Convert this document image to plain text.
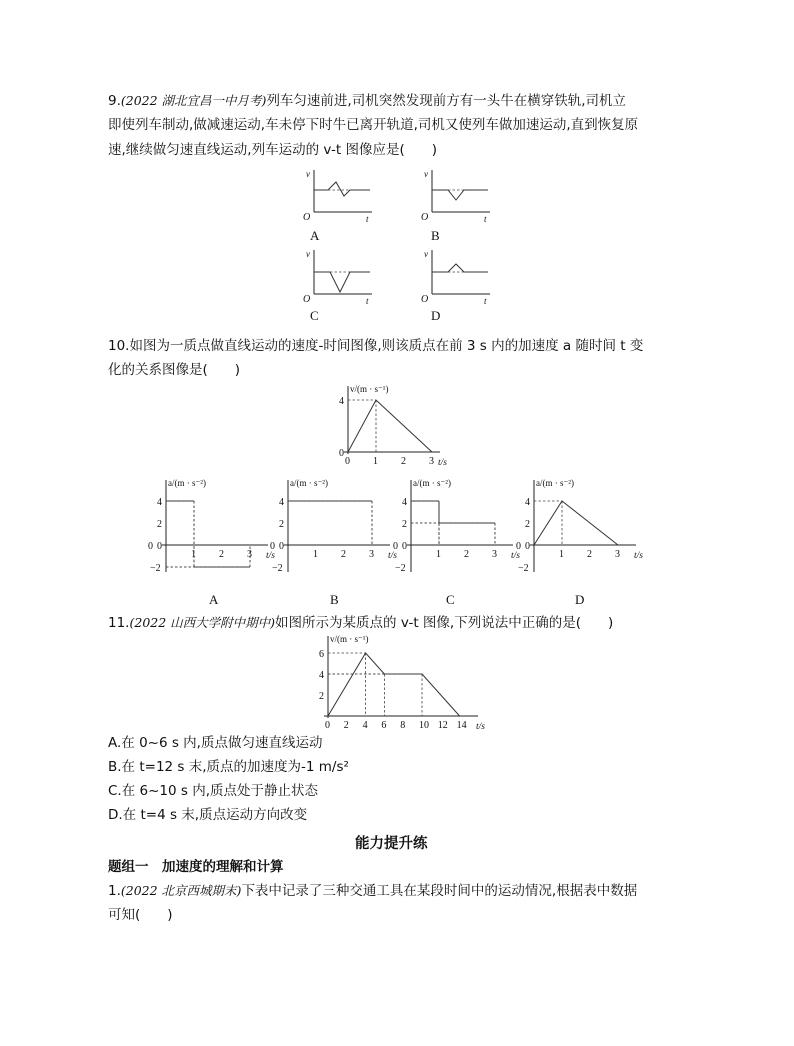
9.(2022 湖北宜昌一中月考)列车匀速前进,司机突然发现前方有一头牛在横穿铁轨,司机立
即使列车制动,做减速运动,车未停下时牛已离开轨道,司机又使列车做加速运动,直到恢复原
速,继续做匀速直线运动,列车运动的 v-t 图像应是(　　)
v
O	t
A
v
O	t
B
v
O	t
C
v
O	t
D
10.如图为一质点做直线运动的速度-时间图像,则该质点在前 3 s 内的加速度 a 随时间 t 变
化的关系图像是(　　)
v/(m · s⁻¹)
t/s
0 1 2 3
0
4
a/(m · s⁻²)
t/s
1 2 3
−2
0
2
4
0
a/(m · s⁻²)
t/s
1 2 3
−2
0
2
4
0
a/(m · s⁻²)
t/s
1 2 3
−2
0
2
4
0
a/(m · s⁻²)
t/s
1 2 3
−2
0
2
4
0
A	B	C	D
11.(2022 山西大学附中期中)如图所示为某质点的 v-t 图像,下列说法中正确的是(　　)
v/(m · s⁻¹)
t/s
0 2 4 6 8 10 12 14
2
4
6
A.在 0~6 s 内,质点做匀速直线运动
B.在 t=12 s 末,质点的加速度为-1 m/s²
C.在 6~10 s 内,质点处于静止状态
D.在 t=4 s 末,质点运动方向改变
能力提升练
题组一　加速度的理解和计算
1.(2022 北京西城期末)下表中记录了三种交通工具在某段时间中的运动情况,根据表中数据
可知(　　)
